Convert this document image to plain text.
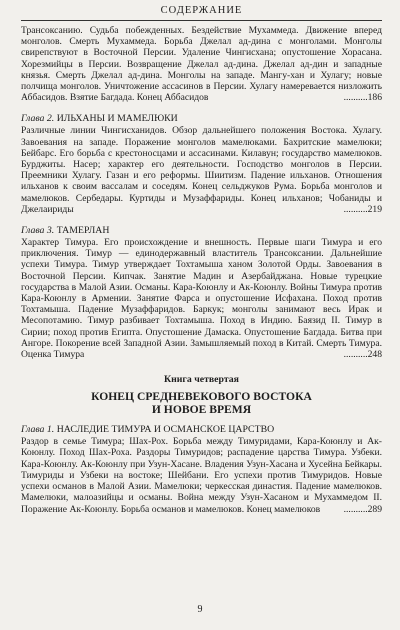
СОДЕРЖАНИЕ

Трансоксанию. Судьба побежденных. Бездействие Мухаммеда. Движение вперед монголов. Смерть Мухаммеда. Борьба Джелал ад-дина с монголами. Монголы свирепствуют в Восточной Персии. Удаление Чингисхана; опустошение Хорасана. Хорезмийцы в Персии. Возвращение Джелал ад-дина. Джелал ад-дин и западные князья. Смерть Джелал ад-дина. Монголы на западе. Мангу-хан и Хулагу; новые полчища монголов. Уничтожение ассасинов в Персии. Хулагу намеревается низложить Аббасидов. Взятие Багдада. Конец Аббасидов	..........186

Глава 2. ИЛЬХАНЫ И МАМЕЛЮКИ

Различные линии Чингисханидов. Обзор дальнейшего положения Востока. Хулагу. Завоевания на западе. Поражение монголов мамелюками. Бахритские мамелюки; Бейбарс. Его борьба с крестоносцами и ассасинами. Килавун; государство мамелюков. Бурджиты. Насер; характер его деятельности. Господство монголов в Персии. Преемники Хулагу. Газан и его реформы. Шиитизм. Падение ильханов. Отношения ильханов к своим вассалам и соседям. Конец сельджуков Рума. Борьба монголов и мамелюков. Сербедары. Куртиды и Музаффариды. Конец ильханов; Чобаниды и Джелаириды	..........219

Глава 3. ТАМЕРЛАН

Характер Тимура. Его происхождение и внешность. Первые шаги Тимура и его приключения. Тимур — единодержавный властитель Трансоксании. Дальнейшие успехи Тимура. Тимур утверждает Тохтамыша ханом Золотой Орды. Завоевания в Восточной Персии. Кипчак. Занятие Мадин и Азербайджана. Новые турецкие государства в Малой Азии. Османы. Кара-Коюнлу и Ак-Коюнлу. Войны Тимура против Кара-Коюнлу в Армении. Занятие Фарса и опустошение Исфахана. Поход против Тохтамыша. Падение Музаффаридов. Баркук; монголы занимают весь Ирак и Месопотамию. Тимур разбивает Тохтамыша. Поход в Индию. Баязид II. Тимур в Сирии; поход против Египта. Опустошение Дамаска. Опустошение Багдада. Битва при Ангоре. Покорение всей Западной Азии. Замышляемый поход в Китай. Смерть Тимура. Оценка Тимура	..........248

Книга четвертая
КОНЕЦ СРЕДНЕВЕКОВОГО ВОСТОКА
И НОВОЕ ВРЕМЯ
Глава 1. НАСЛЕДИЕ ТИМУРА И ОСМАНСКОЕ ЦАРСТВО

Раздор в семье Тимура; Шах-Рох. Борьба между Тимуридами, Кара-Коюнлу и Ак-Коюнлу. Поход Шах-Роха. Раздоры Тимуридов; распадение царства Тимура. Узбеки. Кара-Коюнлу. Ак-Коюнлу при Узун-Хасане. Владения Узун-Хасана и Хусейна Бейкары. Тимуриды и Узбеки на востоке; Шейбани. Его успехи против Тимуридов. Новые успехи османов в Малой Азии. Мамелюки; черкесская династия. Падение мамелюков. Мамелюки, малоазийцы и османы. Война между Узун-Хасаном и Мухаммедом II. Поражение Ак-Коюнлу. Борьба османов и мамелюков. Конец мамелюков ..........289

9
